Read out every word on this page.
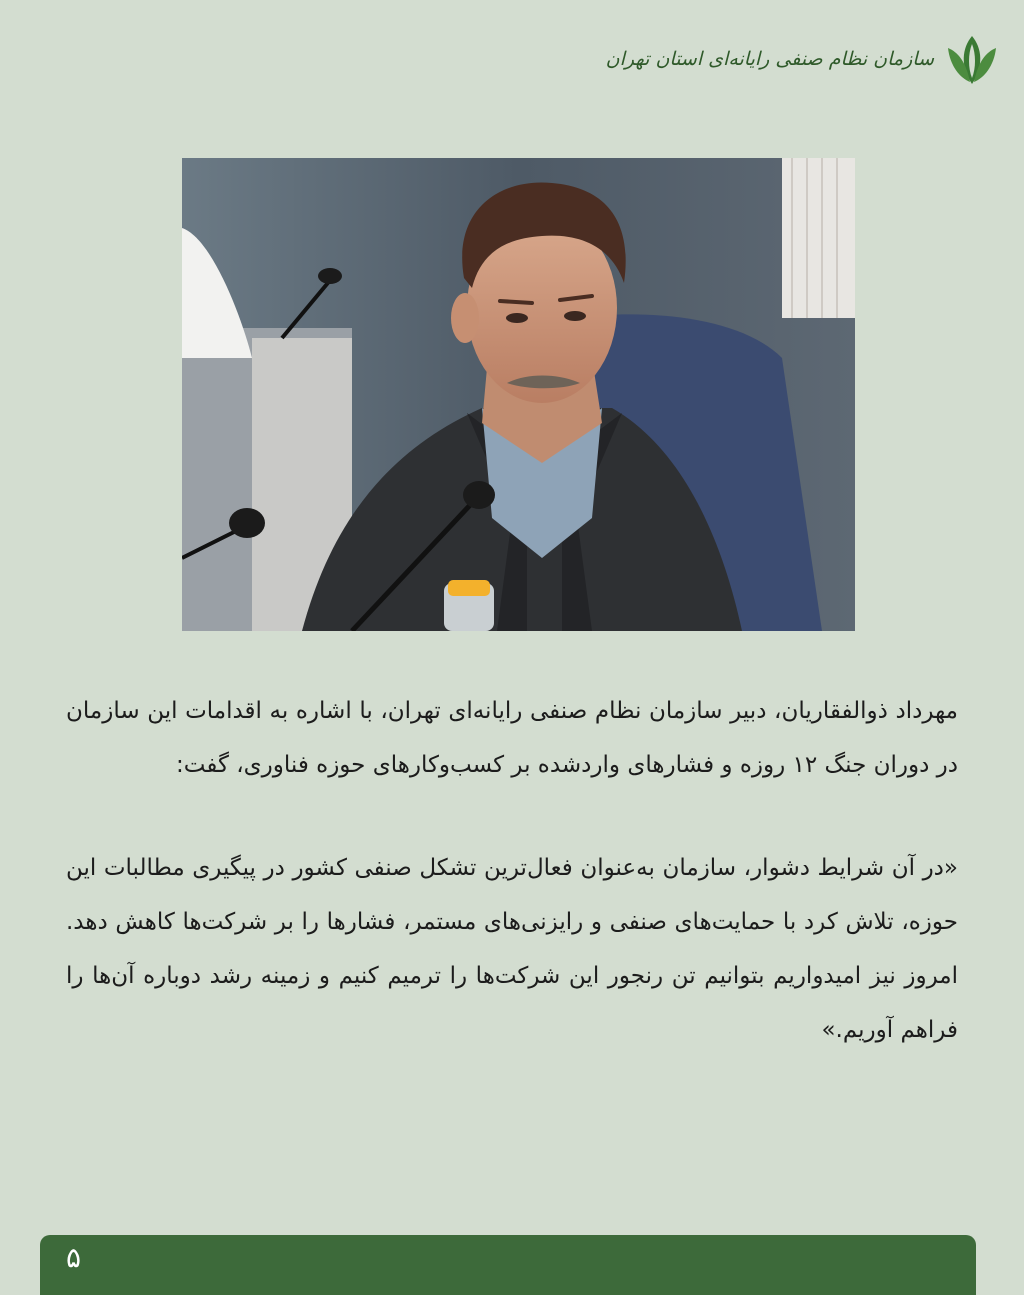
سازمان نظام صنفی رایانه‌ای استان تهران

مهرداد ذوالفقاریان، دبیر سازمان نظام صنفی رایانه‌ای تهران، با اشاره به اقدامات این سازمان در دوران جنگ ۱۲ روزه و فشارهای واردشده بر کسب‌وکارهای حوزه فناوری، گفت:

«در آن شرایط دشوار، سازمان به‌عنوان فعال‌ترین تشکل صنفی کشور در پیگیری مطالبات این حوزه، تلاش کرد با حمایت‌های صنفی و رایزنی‌های مستمر، فشارها را بر شرکت‌ها کاهش دهد. امروز نیز امیدواریم بتوانیم تن رنجور این شرکت‌ها را ترمیم کنیم و زمینه رشد دوباره آن‌ها را فراهم آوریم.»

۵
